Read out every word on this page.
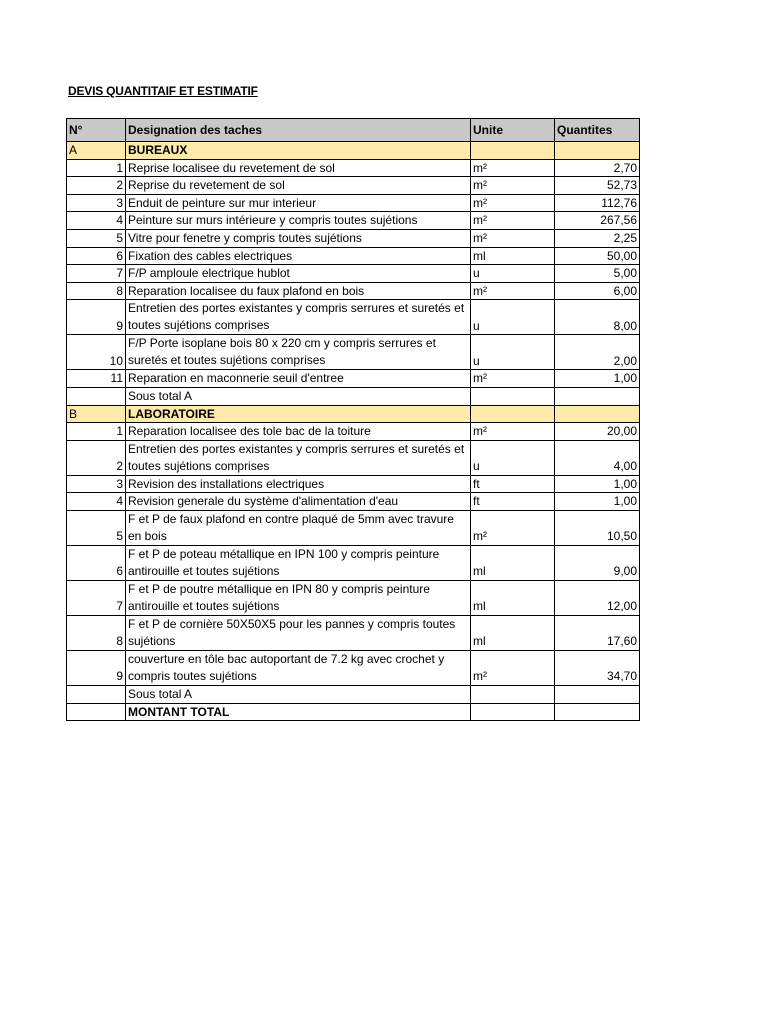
DEVIS QUANTITAIF ET ESTIMATIF
N°	Designation des taches	Unite	Quantites
A	BUREAUX		
1	Reprise localisee du revetement de sol	m²	2,70
2	Reprise du revetement de sol	m²	52,73
3	Enduit de peinture sur mur interieur	m²	112,76
4	Peinture sur murs intérieure y compris toutes sujétions	m²	267,56
5	Vitre pour fenetre y compris toutes sujétions	m²	2,25
6	Fixation des cables electriques	ml	50,00
7	F/P amploule electrique hublot	u	5,00
8	Reparation localisee du faux plafond en bois	m²	6,00
9	Entretien des portes existantes y compris serrures et suretés et toutes sujétions comprises	u	8,00
10	F/P Porte isoplane bois 80 x 220 cm y compris serrures et suretés et toutes sujétions comprises	u	2,00
11	Reparation en maconnerie seuil d'entree	m²	1,00
	Sous total A		
B	LABORATOIRE		
1	Reparation localisee des tole bac de la toiture	m²	20,00
2	Entretien des portes existantes y compris serrures et suretés et toutes sujétions comprises	u	4,00
3	Revision des installations electriques	ft	1,00
4	Revision generale du système d'alimentation d'eau	ft	1,00
5	F et P de faux plafond en contre plaqué de 5mm avec travure en bois	m²	10,50
6	F et P de poteau métallique en IPN 100 y compris peinture antirouille et toutes sujétions	ml	9,00
7	F et P de poutre métallique en IPN 80 y compris peinture antirouille et toutes sujétions	ml	12,00
8	F et P de cornière 50X50X5 pour les pannes y compris toutes sujétions	ml	17,60
9	couverture en tôle bac autoportant de 7.2 kg avec crochet y compris toutes sujétions	m²	34,70
	Sous total A		
	MONTANT TOTAL		
